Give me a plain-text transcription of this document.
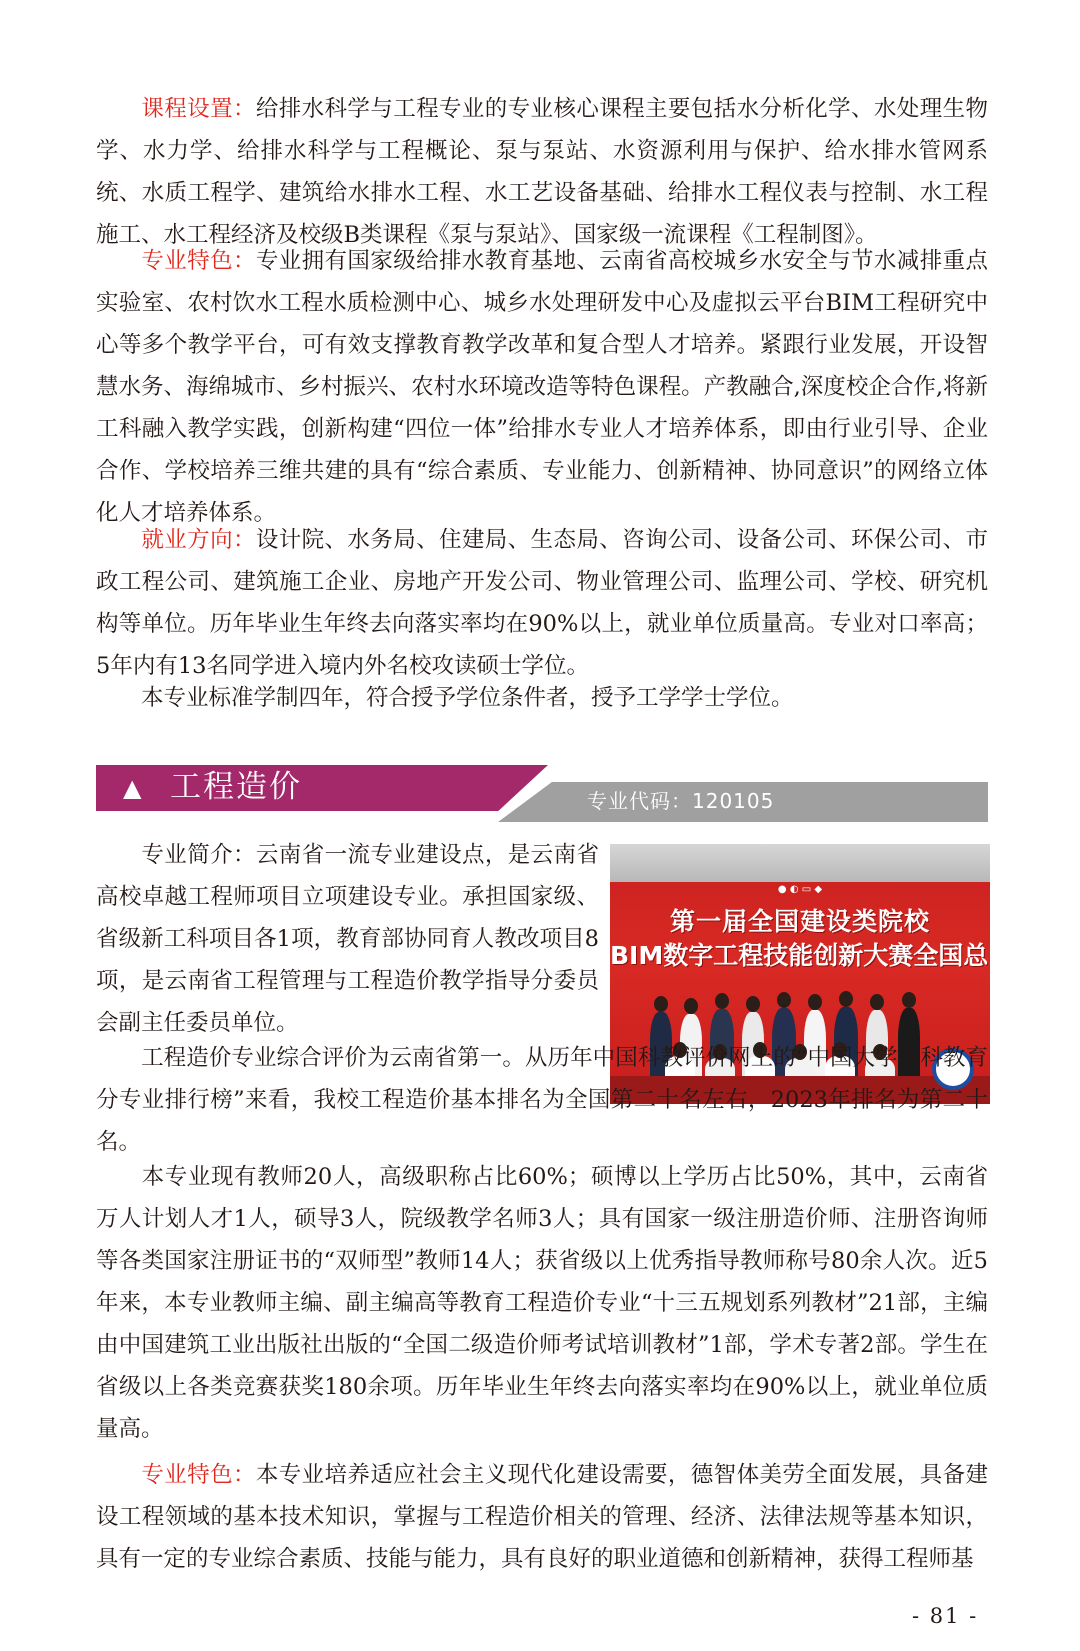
课程设置：给排水科学与工程专业的专业核心课程主要包括水分析化学、水处理生物学、水力学、给排水科学与工程概论、泵与泵站、水资源利用与保护、给水排水管网系统、水质工程学、建筑给水排水工程、水工艺设备基础、给排水工程仪表与控制、水工程施工、水工程经济及校级B类课程《泵与泵站》、国家级一流课程《工程制图》。

专业特色：专业拥有国家级给排水教育基地、云南省高校城乡水安全与节水减排重点实验室、农村饮水工程水质检测中心、城乡水处理研发中心及虚拟云平台BIM工程研究中心等多个教学平台，可有效支撑教育教学改革和复合型人才培养。紧跟行业发展，开设智慧水务、海绵城市、乡村振兴、农村水环境改造等特色课程。产教融合,深度校企合作,将新工科融入教学实践，创新构建“四位一体”给排水专业人才培养体系，即由行业引导、企业合作、学校培养三维共建的具有“综合素质、专业能力、创新精神、协同意识”的网络立体化人才培养体系。

就业方向：设计院、水务局、住建局、生态局、咨询公司、设备公司、环保公司、市政工程公司、建筑施工企业、房地产开发公司、物业管理公司、监理公司、学校、研究机构等单位。历年毕业生年终去向落实率均在90%以上，就业单位质量高。专业对口率高；5年内有13名同学进入境内外名校攻读硕士学位。

本专业标准学制四年，符合授予学位条件者，授予工学学士学位。

专业代码：120105
▲ 工程造价
● ◐ ▭ ◆
第一届全国建设类院校
BIM数字工程技能创新大赛全国总

专业简介：云南省一流专业建设点，是云南省高校卓越工程师项目立项建设专业。承担国家级、省级新工科项目各1项，教育部协同育人教改项目8项，是云南省工程管理与工程造价教学指导分委员会副主任委员单位。

工程造价专业综合评价为云南省第一。从历年中国科教评价网上的“中国大学本科教育分专业排行榜”来看，我校工程造价基本排名为全国第二十名左右，2023年排名为第二十名。

本专业现有教师20人，高级职称占比60%；硕博以上学历占比50%，其中，云南省万人计划人才1人，硕导3人，院级教学名师3人；具有国家一级注册造价师、注册咨询师等各类国家注册证书的“双师型”教师14人；获省级以上优秀指导教师称号80余人次。近5年来，本专业教师主编、副主编高等教育工程造价专业“十三五规划系列教材”21部，主编由中国建筑工业出版社出版的“全国二级造价师考试培训教材”1部，学术专著2部。学生在省级以上各类竞赛获奖180余项。历年毕业生年终去向落实率均在90%以上，就业单位质量高。

专业特色：本专业培养适应社会主义现代化建设需要，德智体美劳全面发展，具备建设工程领域的基本技术知识，掌握与工程造价相关的管理、经济、法律法规等基本知识，具有一定的专业综合素质、技能与能力，具有良好的职业道德和创新精神，获得工程师基

- 81 -
